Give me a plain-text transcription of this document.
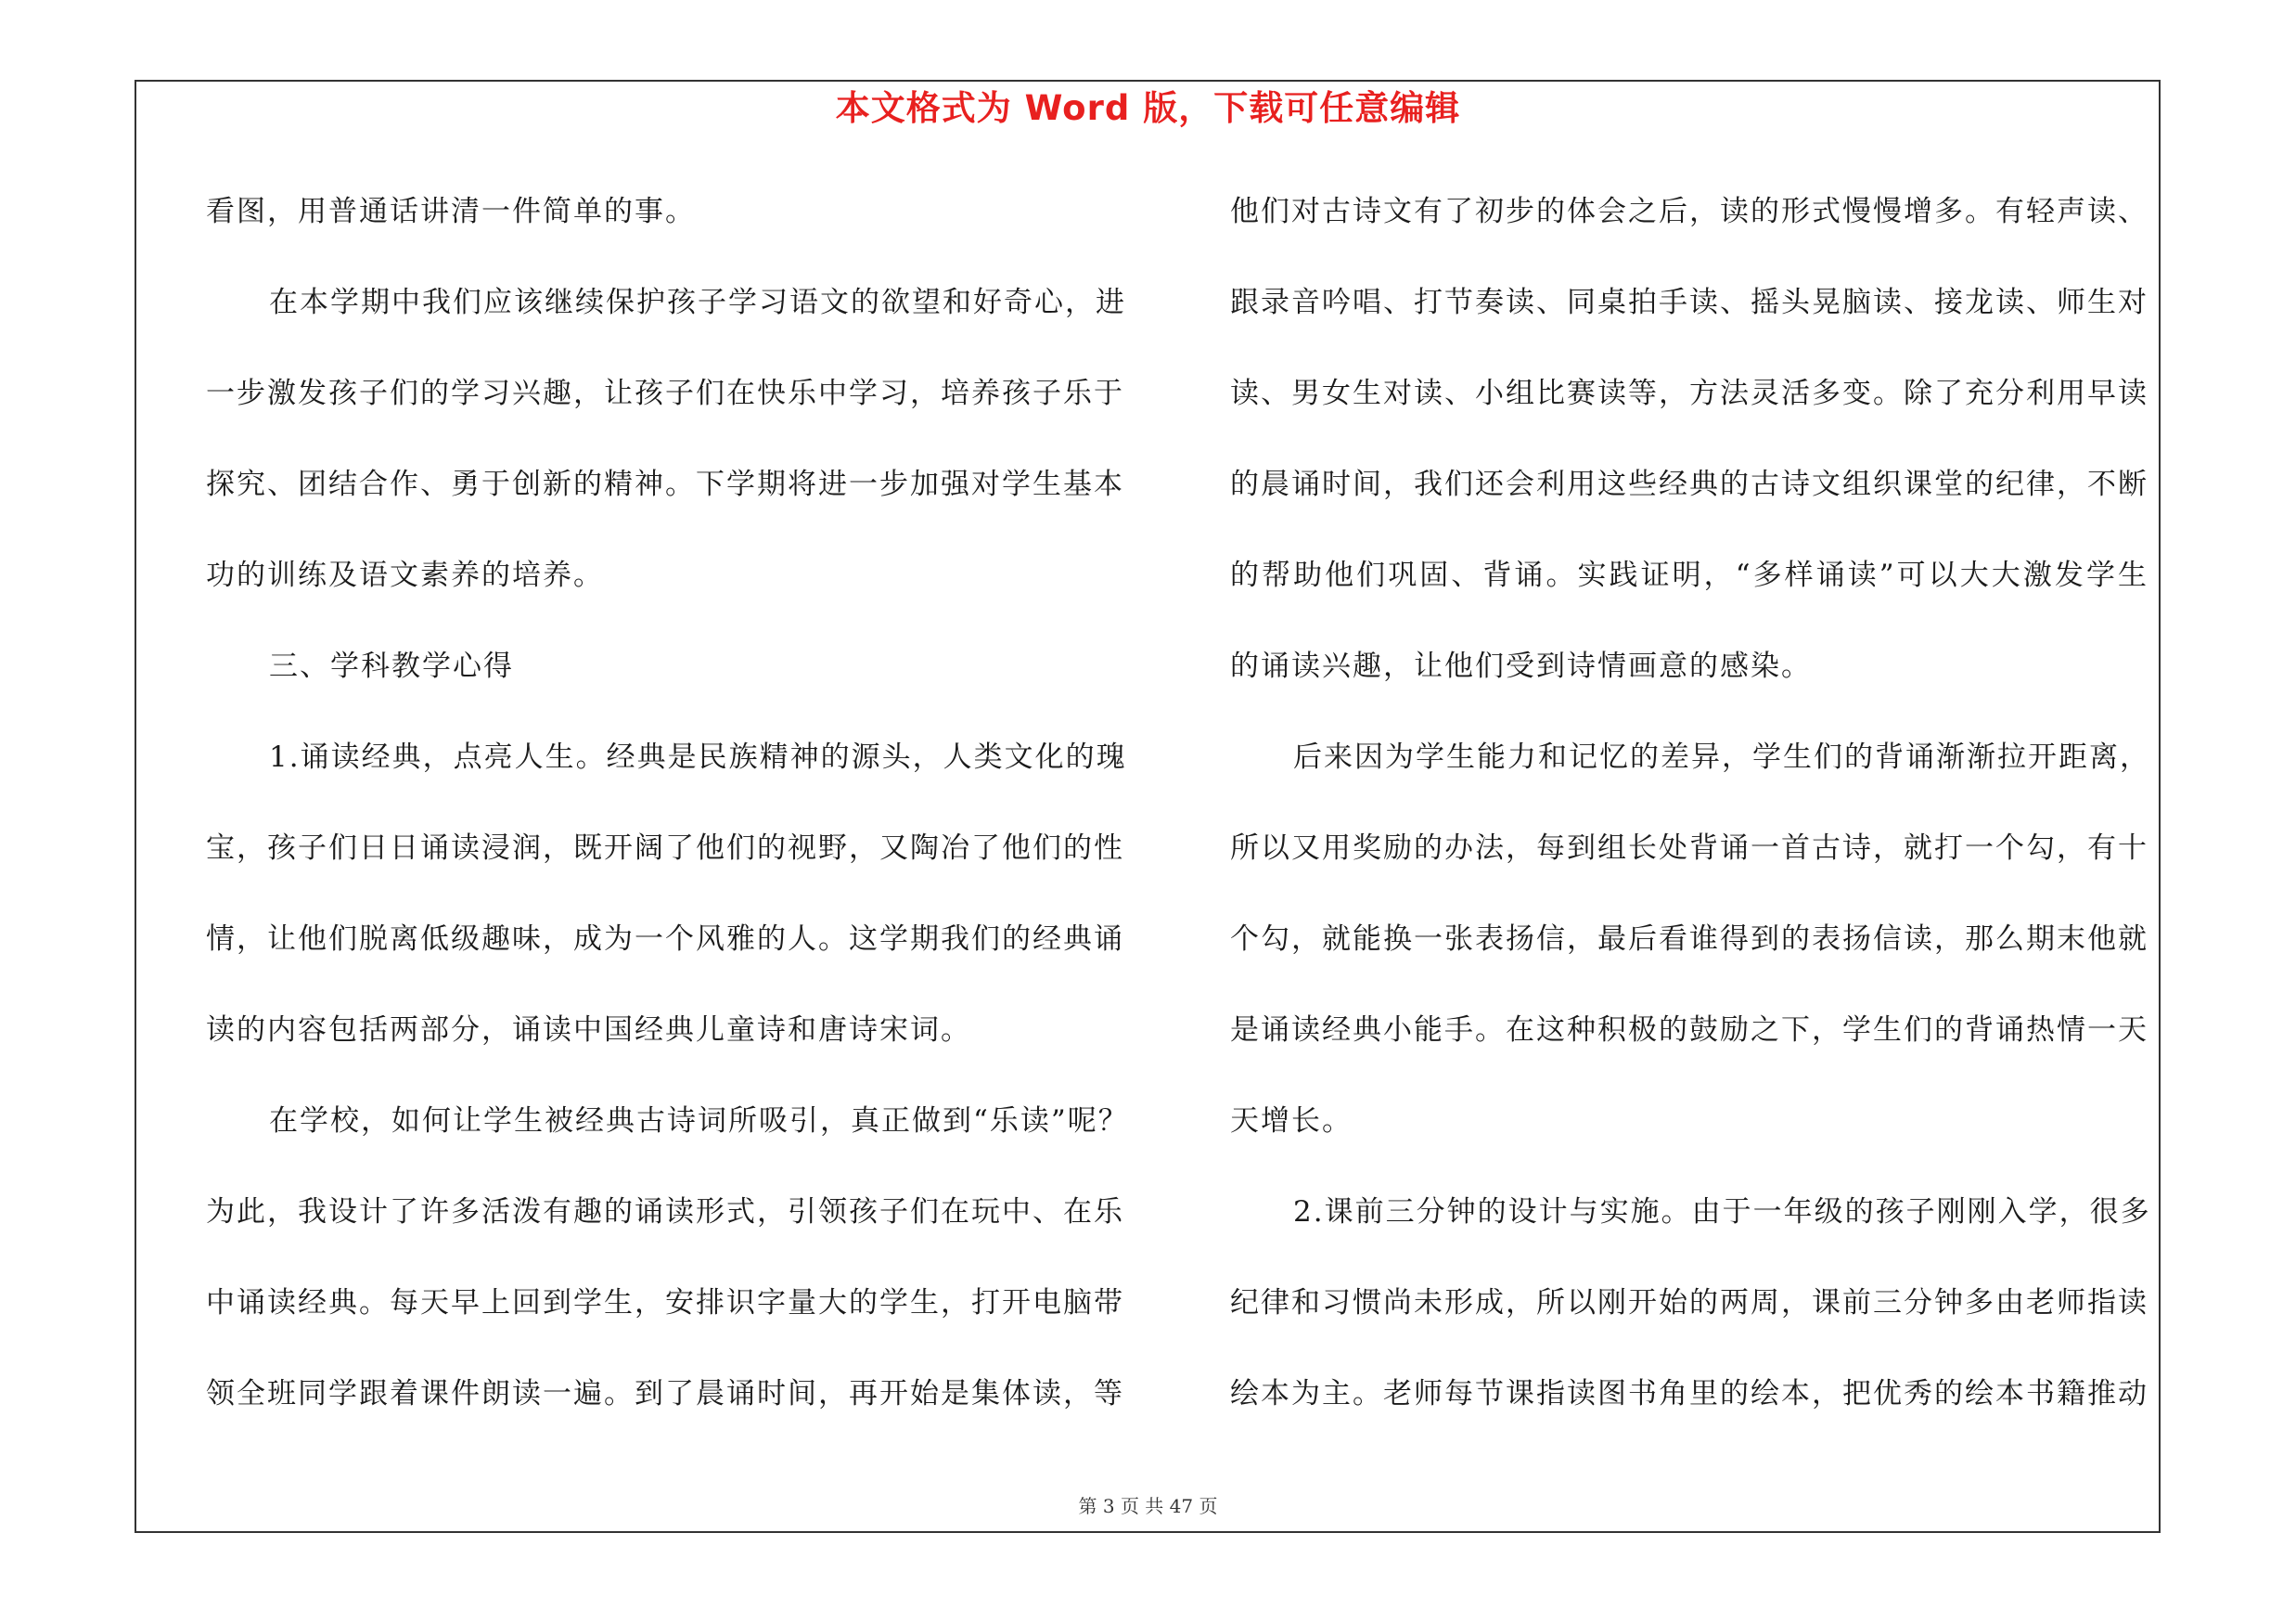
本文格式为 Word 版，下载可任意编辑
看图，用普通话讲清一件简单的事。
在本学期中我们应该继续保护孩子学习语文的欲望和好奇心，进
一步激发孩子们的学习兴趣，让孩子们在快乐中学习，培养孩子乐于
探究、团结合作、勇于创新的精神。下学期将进一步加强对学生基本
功的训练及语文素养的培养。
三、学科教学心得
1.诵读经典，点亮人生。经典是民族精神的源头，人类文化的瑰
宝，孩子们日日诵读浸润，既开阔了他们的视野，又陶冶了他们的性
情，让他们脱离低级趣味，成为一个风雅的人。这学期我们的经典诵
读的内容包括两部分，诵读中国经典儿童诗和唐诗宋词。
在学校，如何让学生被经典古诗词所吸引，真正做到“乐读”呢？
为此，我设计了许多活泼有趣的诵读形式，引领孩子们在玩中、在乐
中诵读经典。每天早上回到学生，安排识字量大的学生，打开电脑带
领全班同学跟着课件朗读一遍。到了晨诵时间，再开始是集体读，等
他们对古诗文有了初步的体会之后，读的形式慢慢增多。有轻声读、
跟录音吟唱、打节奏读、同桌拍手读、摇头晃脑读、接龙读、师生对
读、男女生对读、小组比赛读等，方法灵活多变。除了充分利用早读
的晨诵时间，我们还会利用这些经典的古诗文组织课堂的纪律，不断
的帮助他们巩固、背诵。实践证明，“多样诵读”可以大大激发学生
的诵读兴趣，让他们受到诗情画意的感染。
后来因为学生能力和记忆的差异，学生们的背诵渐渐拉开距离，
所以又用奖励的办法，每到组长处背诵一首古诗，就打一个勾，有十
个勾，就能换一张表扬信，最后看谁得到的表扬信读，那么期末他就
是诵读经典小能手。在这种积极的鼓励之下，学生们的背诵热情一天
天增长。
2.课前三分钟的设计与实施。由于一年级的孩子刚刚入学，很多
纪律和习惯尚未形成，所以刚开始的两周，课前三分钟多由老师指读
绘本为主。老师每节课指读图书角里的绘本，把优秀的绘本书籍推动
第 3 页 共 47 页
